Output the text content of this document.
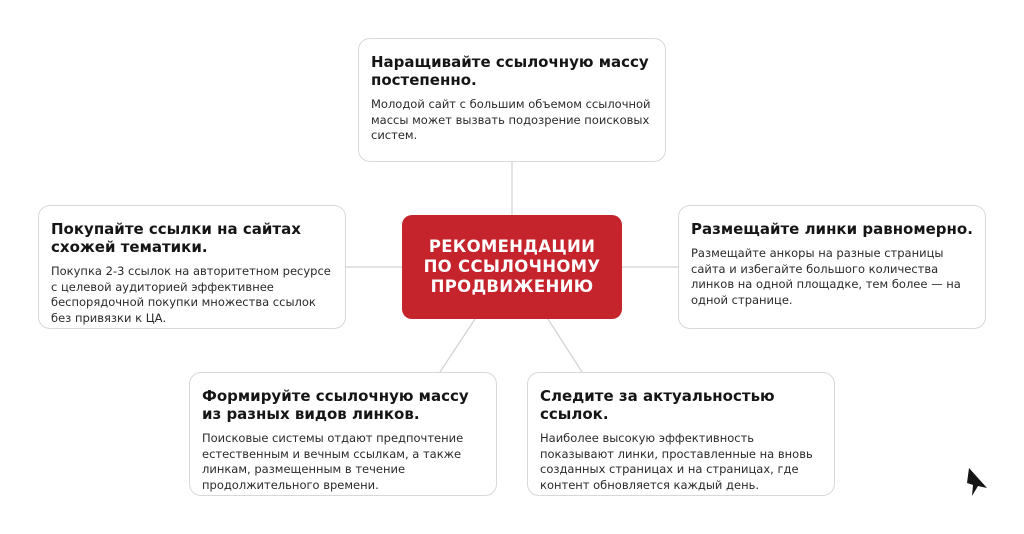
Наращивайте ссылочную массу постепенно.

Молодой сайт с большим объемом ссылочной массы может вызвать подозрение поисковых систем.

Покупайте ссылки на сайтах схожей тематики.

Покупка 2-3 ссылок на авторитетном ресурсе с целевой аудиторией эффективнее беспорядочной покупки множества ссылок без привязки к ЦА.

РЕКОМЕНДАЦИИ ПО ССЫЛОЧНОМУ ПРОДВИЖЕНИЮ
Размещайте линки равномерно.

Размещайте анкоры на разные страницы сайта и избегайте большого количества линков на одной площадке, тем более — на одной странице.

Формируйте ссылочную массу из разных видов линков.

Поисковые системы отдают предпочтение естественным и вечным ссылкам, а также линкам, размещенным в течение продолжительного времени.

Следите за актуальностью ссылок.

Наиболее высокую эффективность показывают линки, проставленные на вновь созданных страницах и на страницах, где контент обновляется каждый день.
